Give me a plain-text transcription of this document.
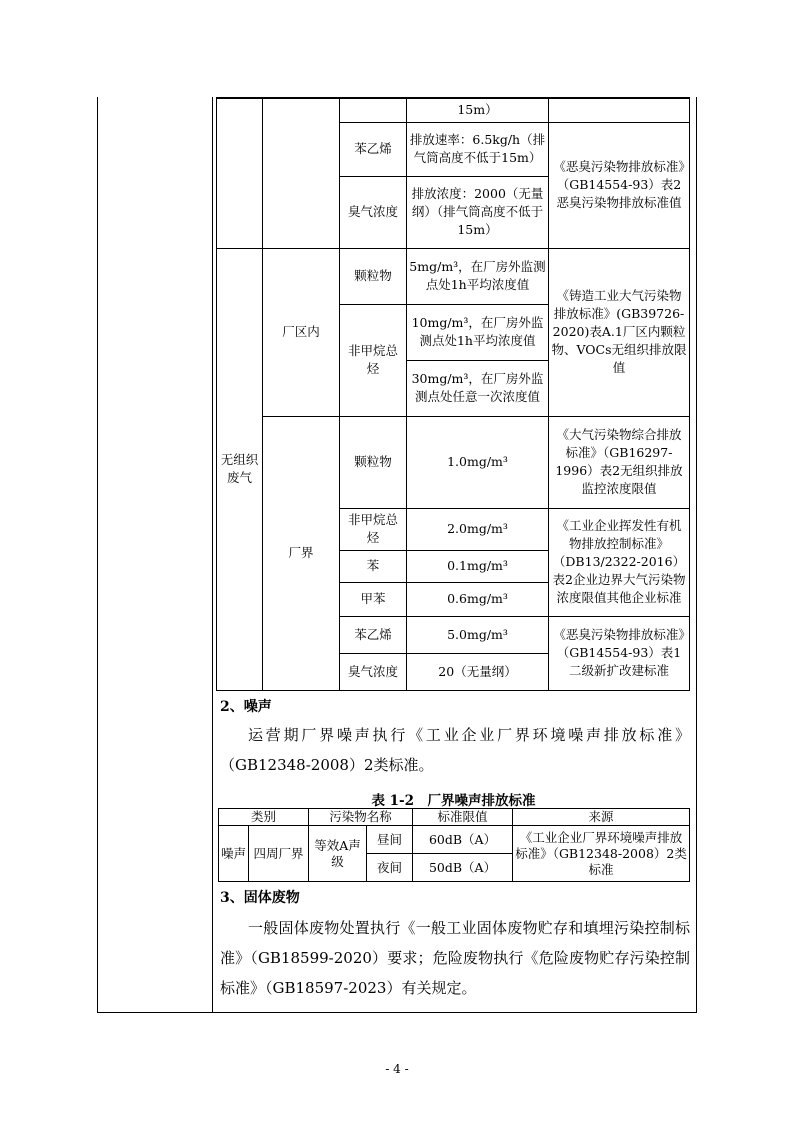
			15m）	
		苯乙烯	排放速率：6.5kg/h（排气筒高度不低于15m）	《恶臭污染物排放标准》（GB14554-93）表2恶臭污染物排放标准值
		臭气浓度	排放浓度：2000（无量纲）（排气筒高度不低于15m）	
无组织废气	厂区内	颗粒物	5mg/m³，在厂房外监测点处1h平均浓度值	《铸造工业大气污染物排放标准》(GB39726-2020)表A.1厂区内颗粒物、VOCs无组织排放限值
		非甲烷总烃	10mg/m³，在厂房外监测点处1h平均浓度值	
			30mg/m³，在厂房外监测点处任意一次浓度值	
	厂界	颗粒物	1.0mg/m³	《大气污染物综合排放标准》（GB16297-1996）表2无组织排放监控浓度限值
		非甲烷总烃	2.0mg/m³	《工业企业挥发性有机物排放控制标准》（DB13/2322-2016）表2企业边界大气污染物浓度限值其他企业标准
		苯	0.1mg/m³	
		甲苯	0.6mg/m³	
		苯乙烯	5.0mg/m³	《恶臭污染物排放标准》（GB14554-93）表1二级新扩改建标准
		臭气浓度	20（无量纲）	
2、噪声
运营期厂界噪声执行《工业企业厂界环境噪声排放标准》（GB12348-2008）2类标准。
表 1-2　厂界噪声排放标准
类别		污染物名称		标准限值	来源
噪声	四周厂界	等效A声级	昼间	60dB（A）	《工业企业厂界环境噪声排放标准》（GB12348-2008）2类标准
			夜间	50dB（A）	
3、固体废物
一般固体废物处置执行《一般工业固体废物贮存和填埋污染控制标准》（GB18599-2020）要求；危险废物执行《危险废物贮存污染控制标准》（GB18597-2023）有关规定。
- 4 -
